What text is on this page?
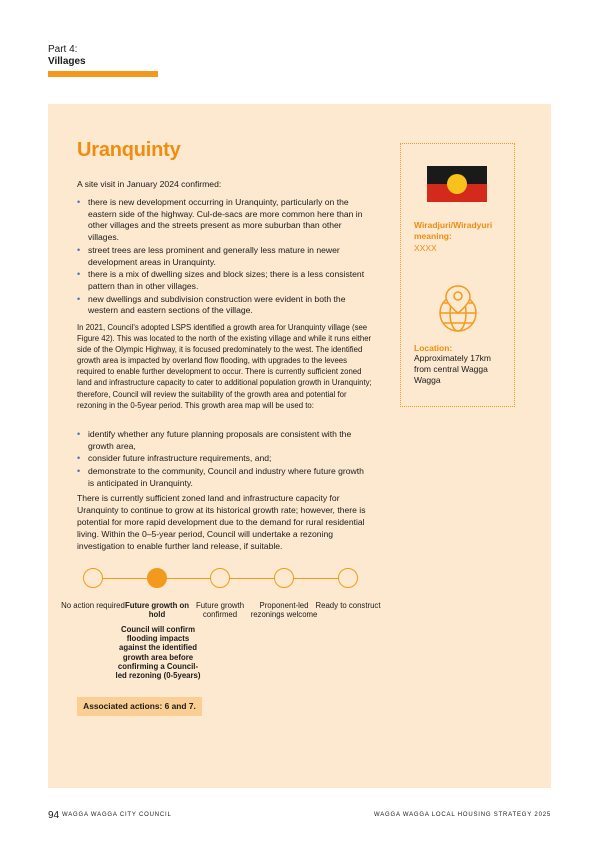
Part 4:
Villages
Uranquinty
A site visit in January 2024 confirmed:
• there is new development occurring in Uranquinty, particularly on the eastern side of the highway. Cul-de-sacs are more common here than in other villages and the streets present as more suburban than other villages.
• street trees are less prominent and generally less mature in newer development areas in Uranquinty.
• there is a mix of dwelling sizes and block sizes; there is a less consistent pattern than in other villages.
• new dwellings and subdivision construction were evident in both the western and eastern sections of the village.
In 2021, Council's adopted LSPS identified a growth area for Uranquinty village (see Figure 42). This was located to the north of the existing village and while it runs either side of the Olympic Highway, it is focused predominately to the west. The identified growth area is impacted by overland flow flooding, with upgrades to the levees required to enable further development to occur. There is currently sufficient zoned land and infrastructure capacity to cater to additional population growth in Uranquinty; therefore, Council will review the suitability of the growth area and potential for rezoning in the 0-5year period. This growth area map will be used to:
• identify whether any future planning proposals are consistent with the growth area,
• consider future infrastructure requirements, and;
• demonstrate to the community, Council and industry where future growth is anticipated in Uranquinty.
There is currently sufficient zoned land and infrastructure capacity for Uranquinty to continue to grow at its historical growth rate; however, there is potential for more rapid development due to the demand for rural residential living. Within the 0–5-year period, Council will undertake a rezoning investigation to enable further land release, if suitable.
Wiradjuri/Wiradyuri meaning:
XXXX
Location:
Approximately 17km from central Wagga Wagga
No action required Future growth on hold
Future growth confirmed
Proponent-led rezonings welcome
Ready to construct
Council will confirm flooding impacts against the identified growth area before confirming a Council-led rezoning (0-5years)
Associated actions: 6 and 7.
94 WAGGA WAGGA CITY COUNCIL	WAGGA WAGGA LOCAL HOUSING STRATEGY 2025
